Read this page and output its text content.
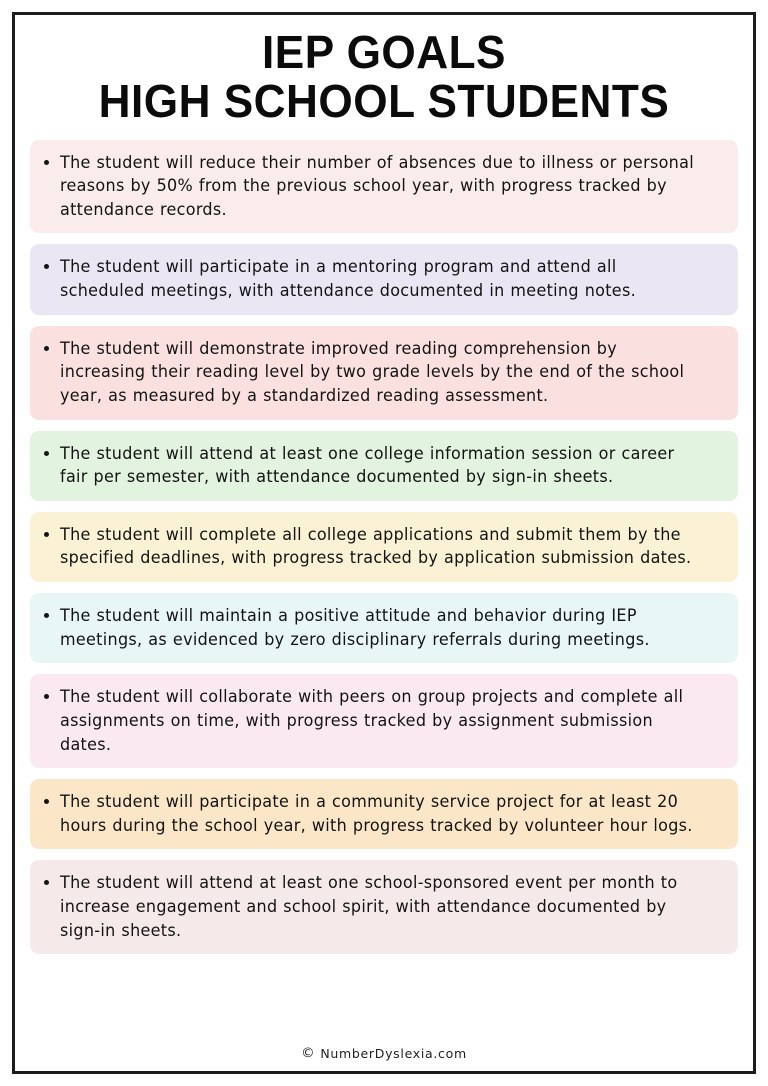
IEP GOALS
HIGH SCHOOL STUDENTS
The student will reduce their number of absences due to illness or personal reasons by 50% from the previous school year, with progress tracked by attendance records.
The student will participate in a mentoring program and attend all scheduled meetings, with attendance documented in meeting notes.
The student will demonstrate improved reading comprehension by increasing their reading level by two grade levels by the end of the school year, as measured by a standardized reading assessment.
The student will attend at least one college information session or career fair per semester, with attendance documented by sign-in sheets.
The student will complete all college applications and submit them by the specified deadlines, with progress tracked by application submission dates.
The student will maintain a positive attitude and behavior during IEP meetings, as evidenced by zero disciplinary referrals during meetings.
The student will collaborate with peers on group projects and complete all assignments on time, with progress tracked by assignment submission dates.
The student will participate in a community service project for at least 20 hours during the school year, with progress tracked by volunteer hour logs.
The student will attend at least one school-sponsored event per month to increase engagement and school spirit, with attendance documented by sign-in sheets.
© NumberDyslexia.com
